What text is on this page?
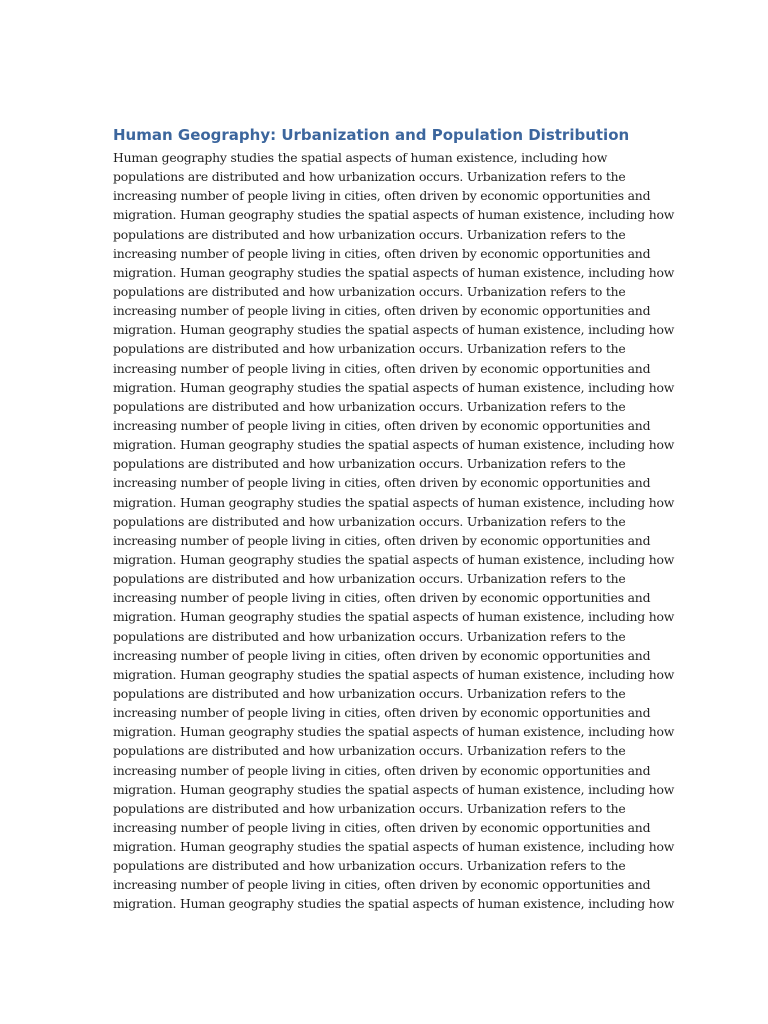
Human Geography: Urbanization and Population Distribution
Human geography studies the spatial aspects of human existence, including how
populations are distributed and how urbanization occurs. Urbanization refers to the
increasing number of people living in cities, often driven by economic opportunities and
migration. Human geography studies the spatial aspects of human existence, including how
populations are distributed and how urbanization occurs. Urbanization refers to the
increasing number of people living in cities, often driven by economic opportunities and
migration. Human geography studies the spatial aspects of human existence, including how
populations are distributed and how urbanization occurs. Urbanization refers to the
increasing number of people living in cities, often driven by economic opportunities and
migration. Human geography studies the spatial aspects of human existence, including how
populations are distributed and how urbanization occurs. Urbanization refers to the
increasing number of people living in cities, often driven by economic opportunities and
migration. Human geography studies the spatial aspects of human existence, including how
populations are distributed and how urbanization occurs. Urbanization refers to the
increasing number of people living in cities, often driven by economic opportunities and
migration. Human geography studies the spatial aspects of human existence, including how
populations are distributed and how urbanization occurs. Urbanization refers to the
increasing number of people living in cities, often driven by economic opportunities and
migration. Human geography studies the spatial aspects of human existence, including how
populations are distributed and how urbanization occurs. Urbanization refers to the
increasing number of people living in cities, often driven by economic opportunities and
migration. Human geography studies the spatial aspects of human existence, including how
populations are distributed and how urbanization occurs. Urbanization refers to the
increasing number of people living in cities, often driven by economic opportunities and
migration. Human geography studies the spatial aspects of human existence, including how
populations are distributed and how urbanization occurs. Urbanization refers to the
increasing number of people living in cities, often driven by economic opportunities and
migration. Human geography studies the spatial aspects of human existence, including how
populations are distributed and how urbanization occurs. Urbanization refers to the
increasing number of people living in cities, often driven by economic opportunities and
migration. Human geography studies the spatial aspects of human existence, including how
populations are distributed and how urbanization occurs. Urbanization refers to the
increasing number of people living in cities, often driven by economic opportunities and
migration. Human geography studies the spatial aspects of human existence, including how
populations are distributed and how urbanization occurs. Urbanization refers to the
increasing number of people living in cities, often driven by economic opportunities and
migration. Human geography studies the spatial aspects of human existence, including how
populations are distributed and how urbanization occurs. Urbanization refers to the
increasing number of people living in cities, often driven by economic opportunities and
migration. Human geography studies the spatial aspects of human existence, including how
